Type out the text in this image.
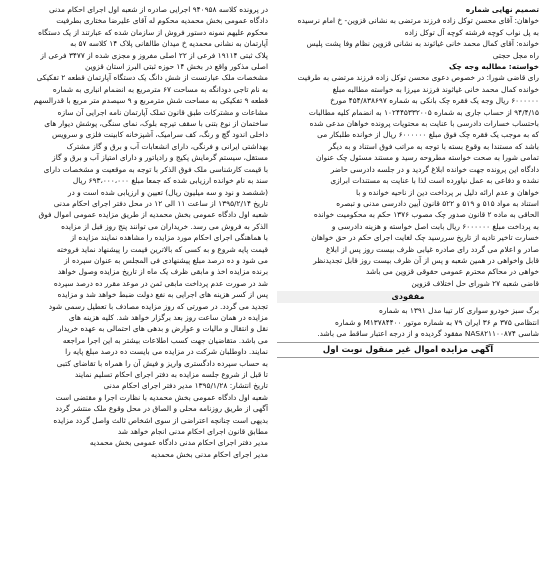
تصمیم نهایی شماره
خواهان: آقای محسن توکل زاده فرزند مرتضی به نشانی قزوین- خ امام نرسیده
به پل نواب کوچه فرشته کوچه آل توکل زاده
خوانده: آقای کمال محمد خانی غیاثوند به نشانی قزوین نظام وفا پشت پلیس
راه مجل حجتی
خواسته: مطالبه وجه چک
رای قاضی شورا: در خصوص دعوی محسن توکل زاده فرزند مرتضی به طرفیت
خوانده کمال محمد خانی غیاثوند فرزند میرزا به خواسته مطالبه مبلغ
۶۰۰۰۰۰۰ ریال وجه یک فقره چک بانکی به شماره ۴۵۴/۸۳۸۶۹۷ مورخ
۹۴/۴/۱۵ از حساب جاری به شماره ۱۰۲۴۴۵۳۳۲۰۰۵ به انضمام کلیه مطالبات
باحتساب خسارات دادرسی با عنایت به محتویات پرونده خواهان مدعی شده
که به موجب یک فقره چک فوق مبلغ ۶۰۰۰۰۰۰ ریال از خوانده طلبکار می
باشد که مستندا به وقوع بسته با توجه به مراتب فوق استناد و به دیگر
تمامی شورا به صحت خواسته مطروحه رسید و مستند مسئول چک عنوان
دادگاه این پرونده جهت خوانده ابلاغ گردید و در جلسه دادرسی حاضر
نشده و دفاعی به عمل نیاورده است لذا با عنایت به مستندات ابرازی
خواهان و عدم ارائه دلیل بر پرداخت دین از ناحیه خوانده و با
استناد به مواد ۵۱۵ و ۵۱۹ و ۵۲۲ قانون آیین دادرسی مدنی و تبصره
الحاقی به ماده ۲ قانون صدور چک مصوب ۱۳۷۶ حکم به محکومیت خوانده
به پرداخت مبلغ ۶۰۰۰۰۰۰ ریال بابت اصل خواسته و هزینه دادرسی و
خسارت تاخیر تادیه از تاریخ سررسید چک لغایت اجرای حکم در حق خواهان
صادر و اعلام می گردد رای صادره غیابی ظرف بیست روز پس از ابلاغ
قابل واخواهی در همین شعبه و پس از آن ظرف بیست روز قابل تجدیدنظر
خواهی در محاکم محترم عمومی حقوقی قزوین می باشد
قاضی شعبه ۲۷ شورای حل اختلاف قزوین
مفقودی
برگ سبز خودرو سواری کار تیبا مدل ۱۳۹۱ به شماره
انتظامی ۳۷۵ م ۳۶ ایران ۷۹ به شماره موتور M۱۳۷۸۴۴۰۰ و شماره
شاسی NAS۸۲۱۱۰۰۸۷۴ مفقود گردیده و از درجه اعتبار ساقط می باشد.
آگهی مزایده اموال غیر منقول نوبت اول
در پرونده کلاسه ۹۴۰۹۵۸ اجرایی صادره از شعبه اول اجرای احکام مدنی
دادگاه عمومی بخش محمدیه محکوم له آقای علیرضا مختاری بطرفیت
محکوم علیهم نمونه دستور فروش از سازمان شده که عبارتند از یک دستگاه
آپارتمان به نشانی محمدیه خ میدان طالقانی پلاک ۱۴ کلاسه ۵۷ به
پلاک ثبتی ۱۹۱۱۴ فرعی از ۲۲ اصلی مفروز و مجزی شده از ۳۴۷۷ فرعی از
اصلی مذکور واقع در بخش ۱۴ حوزه ثبتی البرز استان قزوین
مشخصات ملک عبارتست از شش دانگ یک دستگاه آپارتمان قطعه ۲ تفکیکی
به نام تاجی دودانگه به مساحت ۶۷ مترمربع به انضمام انباری به شماره
قطعه ۹ تفکیکی به مساحت شش مترمربع و ۹ سیصدم متر مربع با قدرالسهم
مشاعات و مشترکات طبق قانون تملک آپارتمان نامه اجرایی آن سازه
ساختمان از نوع بتنی با سقف تیرچه بلوک، نمای سنگی، پوشش دیوار های
داخلی اندود گچ و رنگ، کف سرامیک، آشپزخانه کابینت فلزی و سرویس
بهداشتی ایرانی و فرنگی، دارای انشعابات آب و برق و گاز مشترک
مستقل، سیستم گرمایش پکیج و رادیاتور و دارای امتیاز آب و برق و گاز
با قیمت کارشناسی ملک فوق الذکر با توجه به موقعیت و مشخصات دارای
سند به نام خوانده ارزیابی شده که جمعا مبلغ ۶۹۳،۰۰۰،۰۰۰ ریال
(ششصد و نود و سه میلیون ریال) تعیین و ارزیابی شده است و در
تاریخ ۱۳۹۵/۲/۱۴ از ساعت ۱۱ الی ۱۲ در محل دفتر اجرای احکام مدنی
شعبه اول دادگاه عمومی بخش محمدیه از طریق مزایده عمومی اموال فوق
الذکر به فروش می رسد. خریداران می توانند پنج روز قبل از مزایده
با هماهنگی اجرای احکام مورد مزایده را مشاهده نمایند مزایده از
قیمت پایه شروع و به کسی که بالاترین قیمت را پیشنهاد نماید فروخته
می شود و ده درصد مبلغ پیشنهادی فی المجلس به عنوان سپرده از
برنده مزایده اخذ و مابقی ظرف یک ماه از تاریخ مزایده وصول خواهد
شد در صورت عدم پرداخت مابقی ثمن در موعد مقرر ده درصد سپرده
پس از کسر هزینه های اجرایی به نفع دولت ضبط خواهد شد و مزایده
تجدید می گردد. در صورتی که روز مزایده مصادف با تعطیل رسمی شود
مزایده در همان ساعت روز بعد برگزار خواهد شد. کلیه هزینه های
نقل و انتقال و مالیات و عوارض و بدهی های احتمالی به عهده خریدار
می باشد. متقاضیان جهت کسب اطلاعات بیشتر به این اجرا مراجعه
نمایند. داوطلبان شرکت در مزایده می بایست ده درصد مبلغ پایه را
به حساب سپرده دادگستری واریز و فیش آن را همراه با تقاضای کتبی
تا قبل از شروع جلسه مزایده به دفتر اجرای احکام تسلیم نمایند
تاریخ انتشار: ۱۳۹۵/۱/۲۸ مدیر دفتر اجرای احکام مدنی
شعبه اول دادگاه عمومی بخش محمدیه با نظارت اجرا و مقتضی است
آگهی از طریق روزنامه محلی و الصاق در محل وقوع ملک منتشر گردد
بدیهی است چنانچه اعتراضی از سوی اشخاص ثالث واصل گردد مزایده
مطابق قانون اجرای احکام مدنی انجام خواهد شد
مدیر دفتر اجرای احکام مدنی دادگاه عمومی بخش محمدیه
مدیر اجرای احکام مدنی بخش محمدیه
